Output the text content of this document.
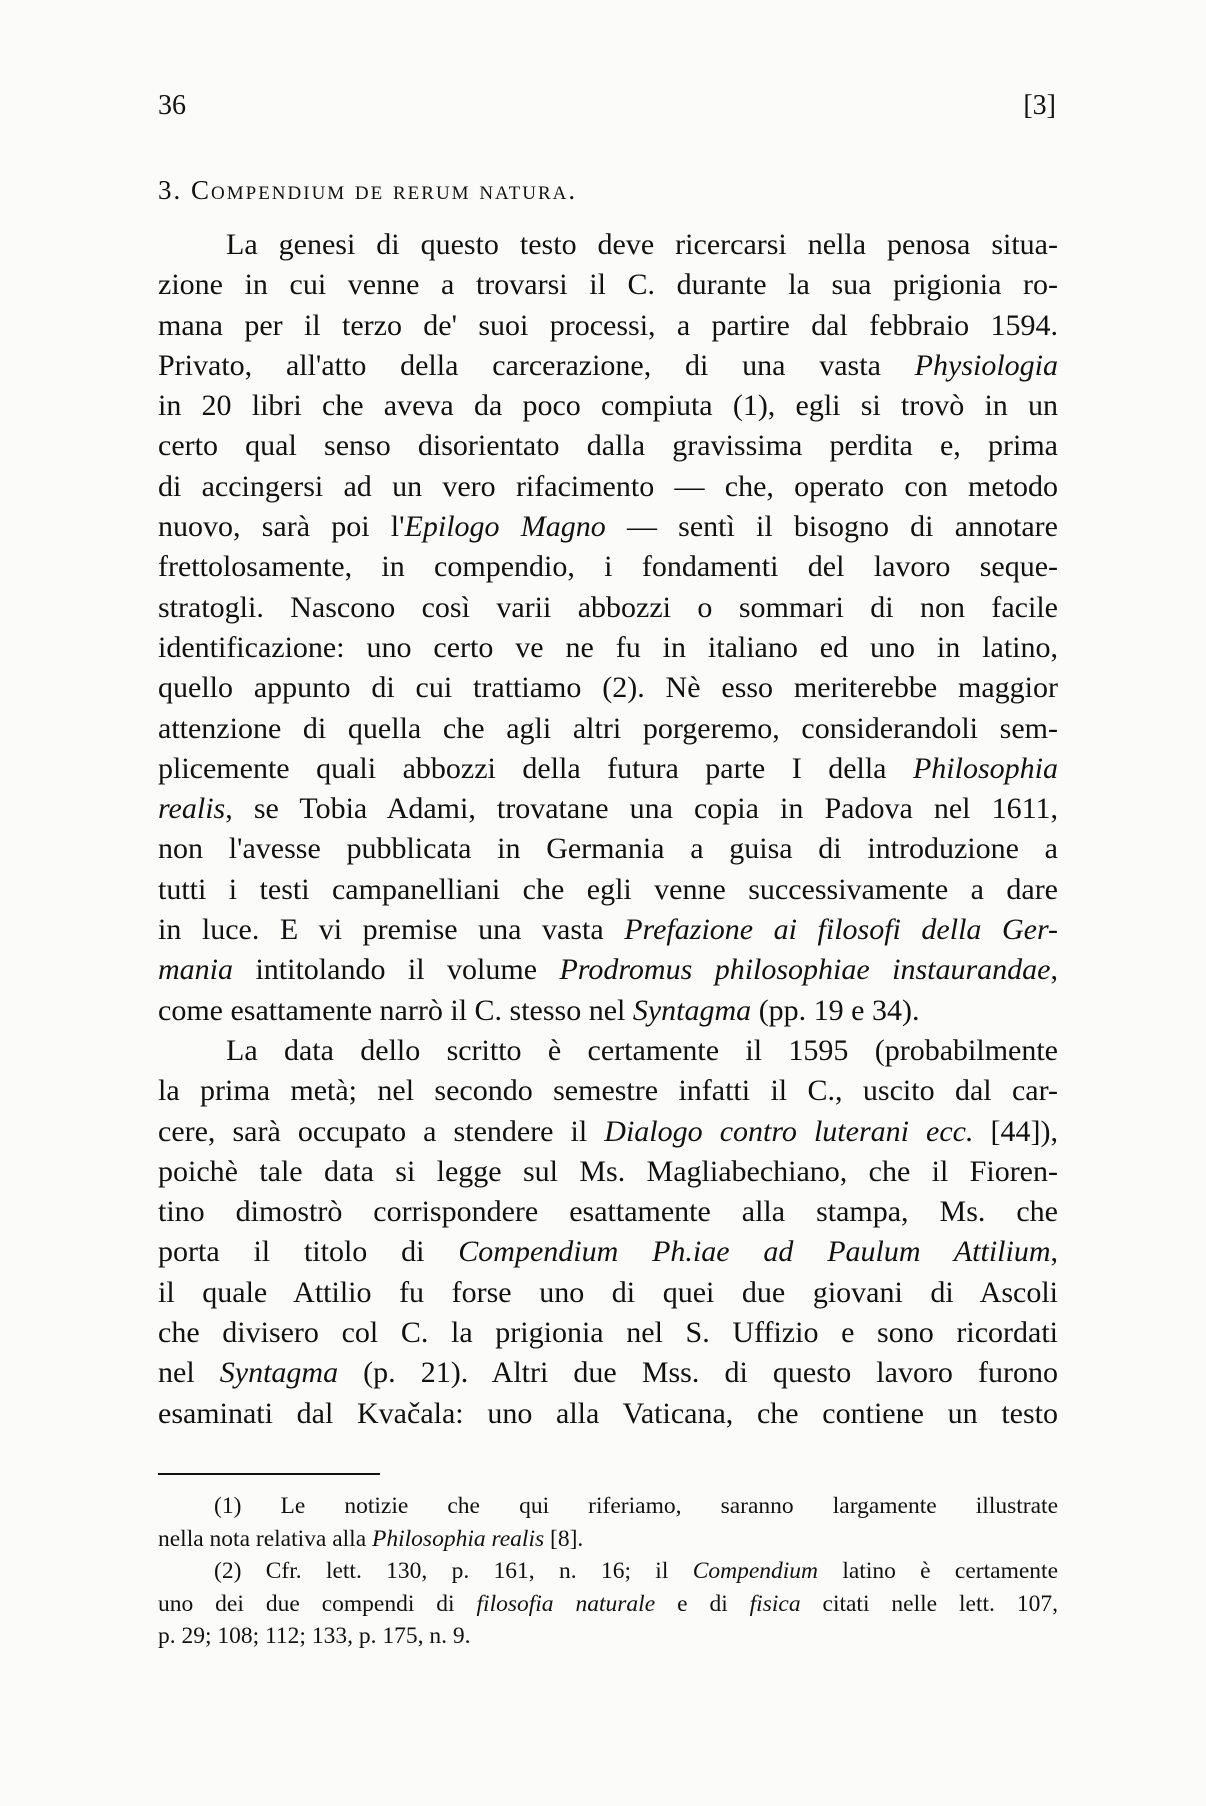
36	[3]
3. Compendium de rerum natura.
La genesi di questo testo deve ricercarsi nella penosa situa-
zione in cui venne a trovarsi il C. durante la sua prigionia ro-
mana per il terzo de' suoi processi, a partire dal febbraio 1594.
Privato, all'atto della carcerazione, di una vasta Physiologia
in 20 libri che aveva da poco compiuta (1), egli si trovò in un
certo qual senso disorientato dalla gravissima perdita e, prima
di accingersi ad un vero rifacimento — che, operato con metodo
nuovo, sarà poi l'Epilogo Magno — sentì il bisogno di annotare
frettolosamente, in compendio, i fondamenti del lavoro seque-
stratogli. Nascono così varii abbozzi o sommari di non facile
identificazione: uno certo ve ne fu in italiano ed uno in latino,
quello appunto di cui trattiamo (2). Nè esso meriterebbe maggior
attenzione di quella che agli altri porgeremo, considerandoli sem-
plicemente quali abbozzi della futura parte I della Philosophia
realis, se Tobia Adami, trovatane una copia in Padova nel 1611,
non l'avesse pubblicata in Germania a guisa di introduzione a
tutti i testi campanelliani che egli venne successivamente a dare
in luce. E vi premise una vasta Prefazione ai filosofi della Ger-
mania intitolando il volume Prodromus philosophiae instaurandae,
come esattamente narrò il C. stesso nel Syntagma (pp. 19 e 34).
La data dello scritto è certamente il 1595 (probabilmente
la prima metà; nel secondo semestre infatti il C., uscito dal car-
cere, sarà occupato a stendere il Dialogo contro luterani ecc. [44]),
poichè tale data si legge sul Ms. Magliabechiano, che il Fioren-
tino dimostrò corrispondere esattamente alla stampa, Ms. che
porta il titolo di Compendium Ph.iae ad Paulum Attilium,
il quale Attilio fu forse uno di quei due giovani di Ascoli
che divisero col C. la prigionia nel S. Uffizio e sono ricordati
nel Syntagma (p. 21). Altri due Mss. di questo lavoro furono
esaminati dal Kvačala: uno alla Vaticana, che contiene un testo
(1) Le notizie che qui riferiamo, saranno largamente illustrate
nella nota relativa alla Philosophia realis [8].
(2) Cfr. lett. 130, p. 161, n. 16; il Compendium latino è certamente
uno dei due compendi di filosofia naturale e di fisica citati nelle lett. 107,
p. 29; 108; 112; 133, p. 175, n. 9.
